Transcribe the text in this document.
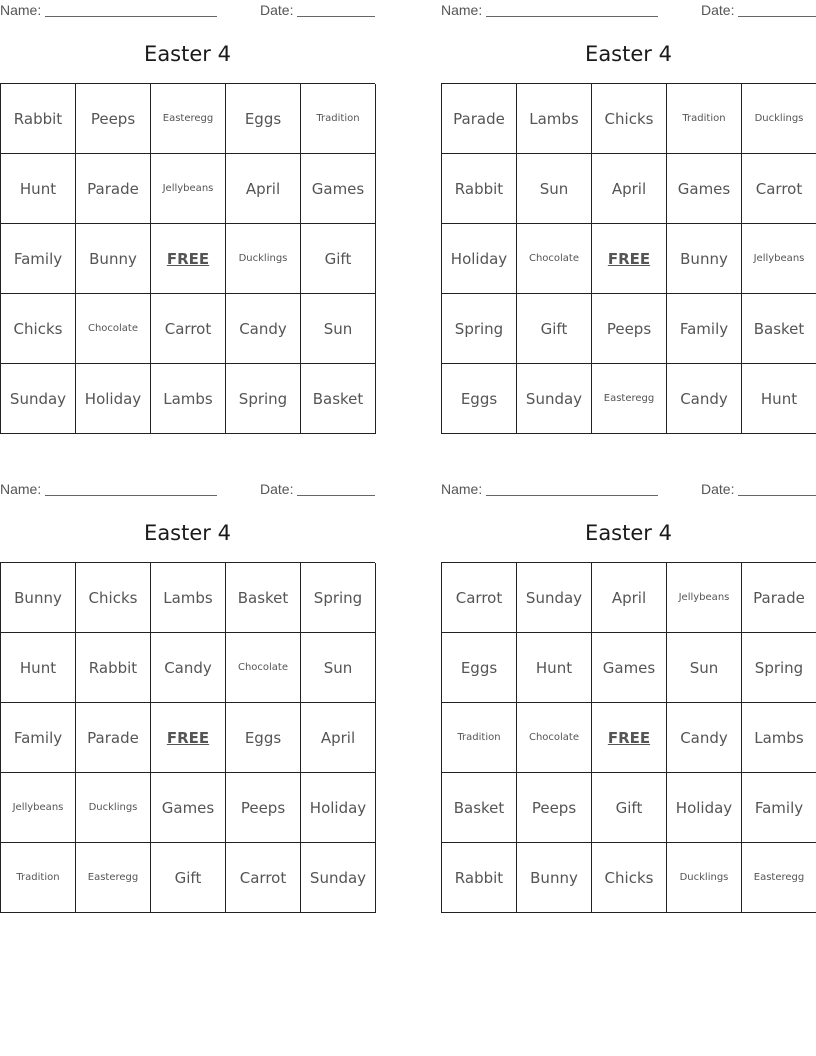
Name:	Date:
Easter 4
Rabbit	Peeps	Easteregg	Eggs	Tradition
Hunt	Parade	Jellybeans	April	Games
Family	Bunny	FREE	Ducklings	Gift
Chicks	Chocolate	Carrot	Candy	Sun
Sunday	Holiday	Lambs	Spring	Basket
Name:	Date:
Easter 4
Parade	Lambs	Chicks	Tradition	Ducklings
Rabbit	Sun	April	Games	Carrot
Holiday	Chocolate	FREE	Bunny	Jellybeans
Spring	Gift	Peeps	Family	Basket
Eggs	Sunday	Easteregg	Candy	Hunt
Name:	Date:
Easter 4
Bunny	Chicks	Lambs	Basket	Spring
Hunt	Rabbit	Candy	Chocolate	Sun
Family	Parade	FREE	Eggs	April
Jellybeans	Ducklings	Games	Peeps	Holiday
Tradition	Easteregg	Gift	Carrot	Sunday
Name:	Date:
Easter 4
Carrot	Sunday	April	Jellybeans	Parade
Eggs	Hunt	Games	Sun	Spring
Tradition	Chocolate	FREE	Candy	Lambs
Basket	Peeps	Gift	Holiday	Family
Rabbit	Bunny	Chicks	Ducklings	Easteregg
